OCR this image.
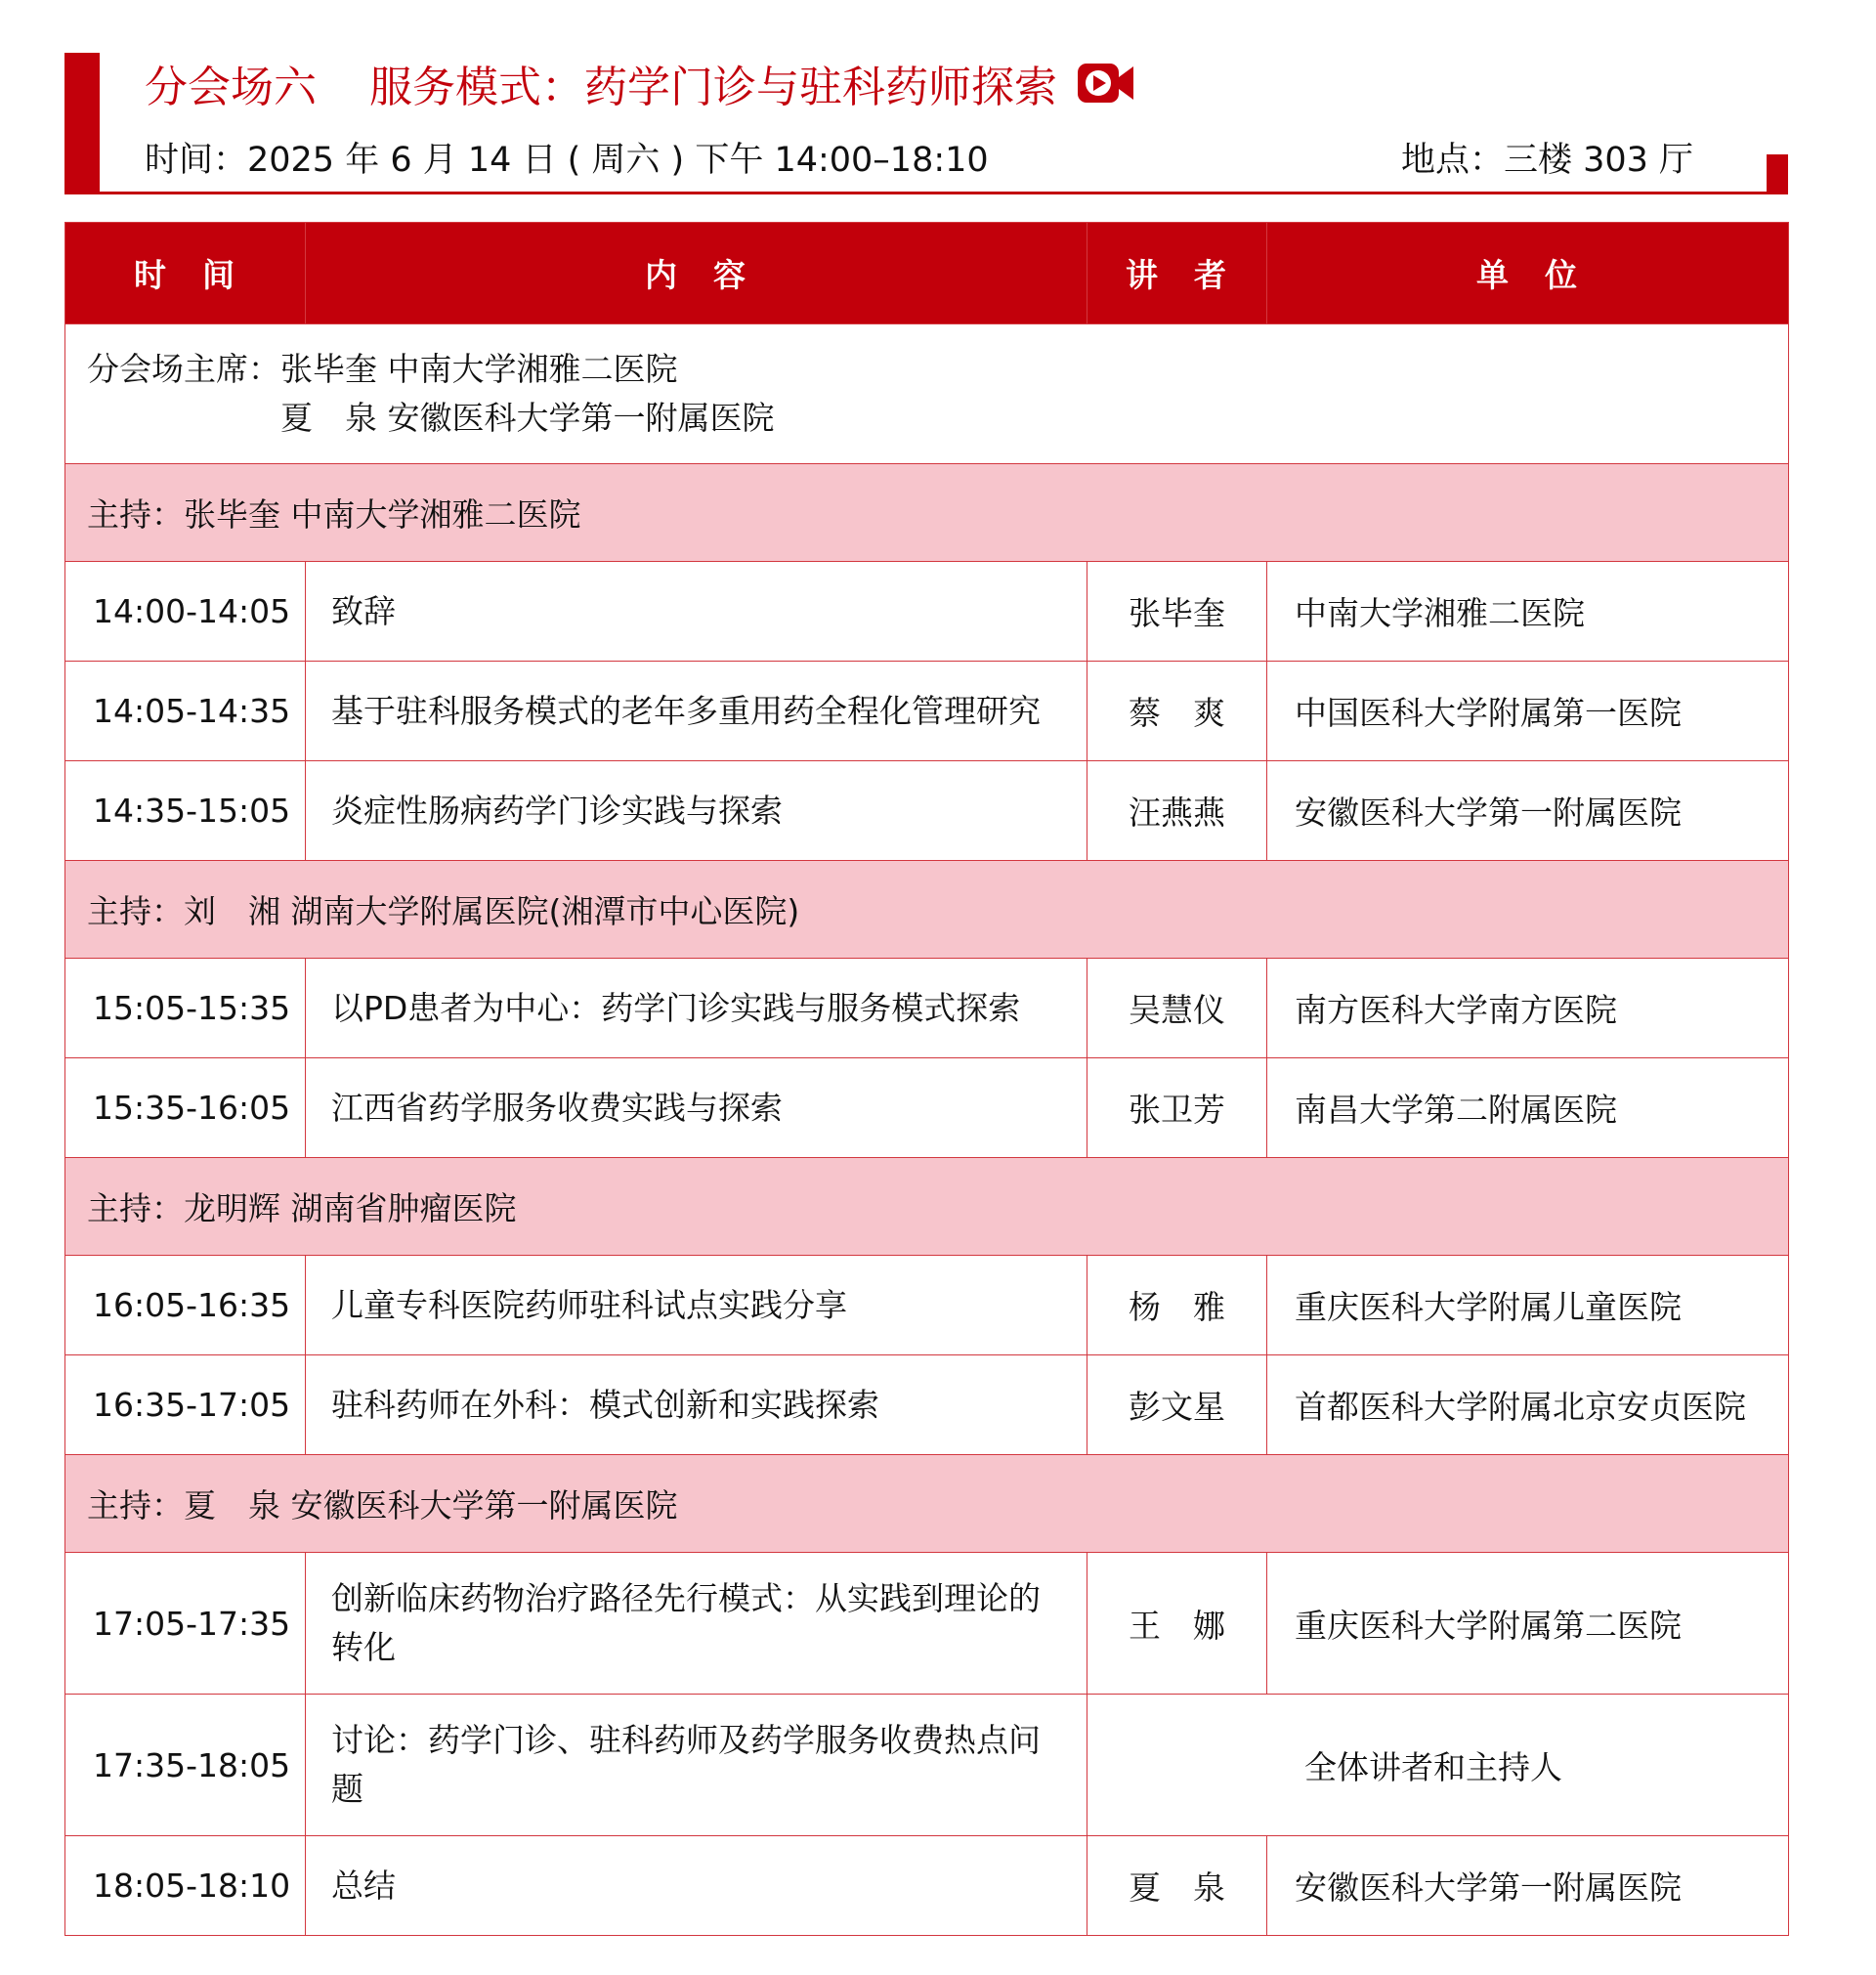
分会场六 服务模式：药学门诊与驻科药师探索
时间：2025 年 6 月 14 日 ( 周六 ) 下午 14:00–18:10	地点：三楼 303 厅
时　间	内　容	讲　者	单　位

分会场主席： 张毕奎 中南大学湘雅二医院
夏　泉 安徽医科大学第一附属医院			

主持：张毕奎 中南大学湘雅二医院			
14:00-14:05	致辞	张毕奎	中南大学湘雅二医院
14:05-14:35	基于驻科服务模式的老年多重用药全程化管理研究	蔡　爽	中国医科大学附属第一医院
14:35-15:05	炎症性肠病药学门诊实践与探索	汪燕燕	安徽医科大学第一附属医院
主持：刘　湘 湖南大学附属医院(湘潭市中心医院)			
15:05-15:35	以PD患者为中心：药学门诊实践与服务模式探索	吴慧仪	南方医科大学南方医院
15:35-16:05	江西省药学服务收费实践与探索	张卫芳	南昌大学第二附属医院
主持：龙明辉 湖南省肿瘤医院			
16:05-16:35	儿童专科医院药师驻科试点实践分享	杨　雅	重庆医科大学附属儿童医院
16:35-17:05	驻科药师在外科：模式创新和实践探索	彭文星	首都医科大学附属北京安贞医院
主持：夏　泉 安徽医科大学第一附属医院			
17:05-17:35	创新临床药物治疗路径先行模式：从实践到理论的转化	王　娜	重庆医科大学附属第二医院
17:35-18:05	讨论：药学门诊、驻科药师及药学服务收费热点问题	全体讲者和主持人	
18:05-18:10	总结	夏　泉	安徽医科大学第一附属医院
